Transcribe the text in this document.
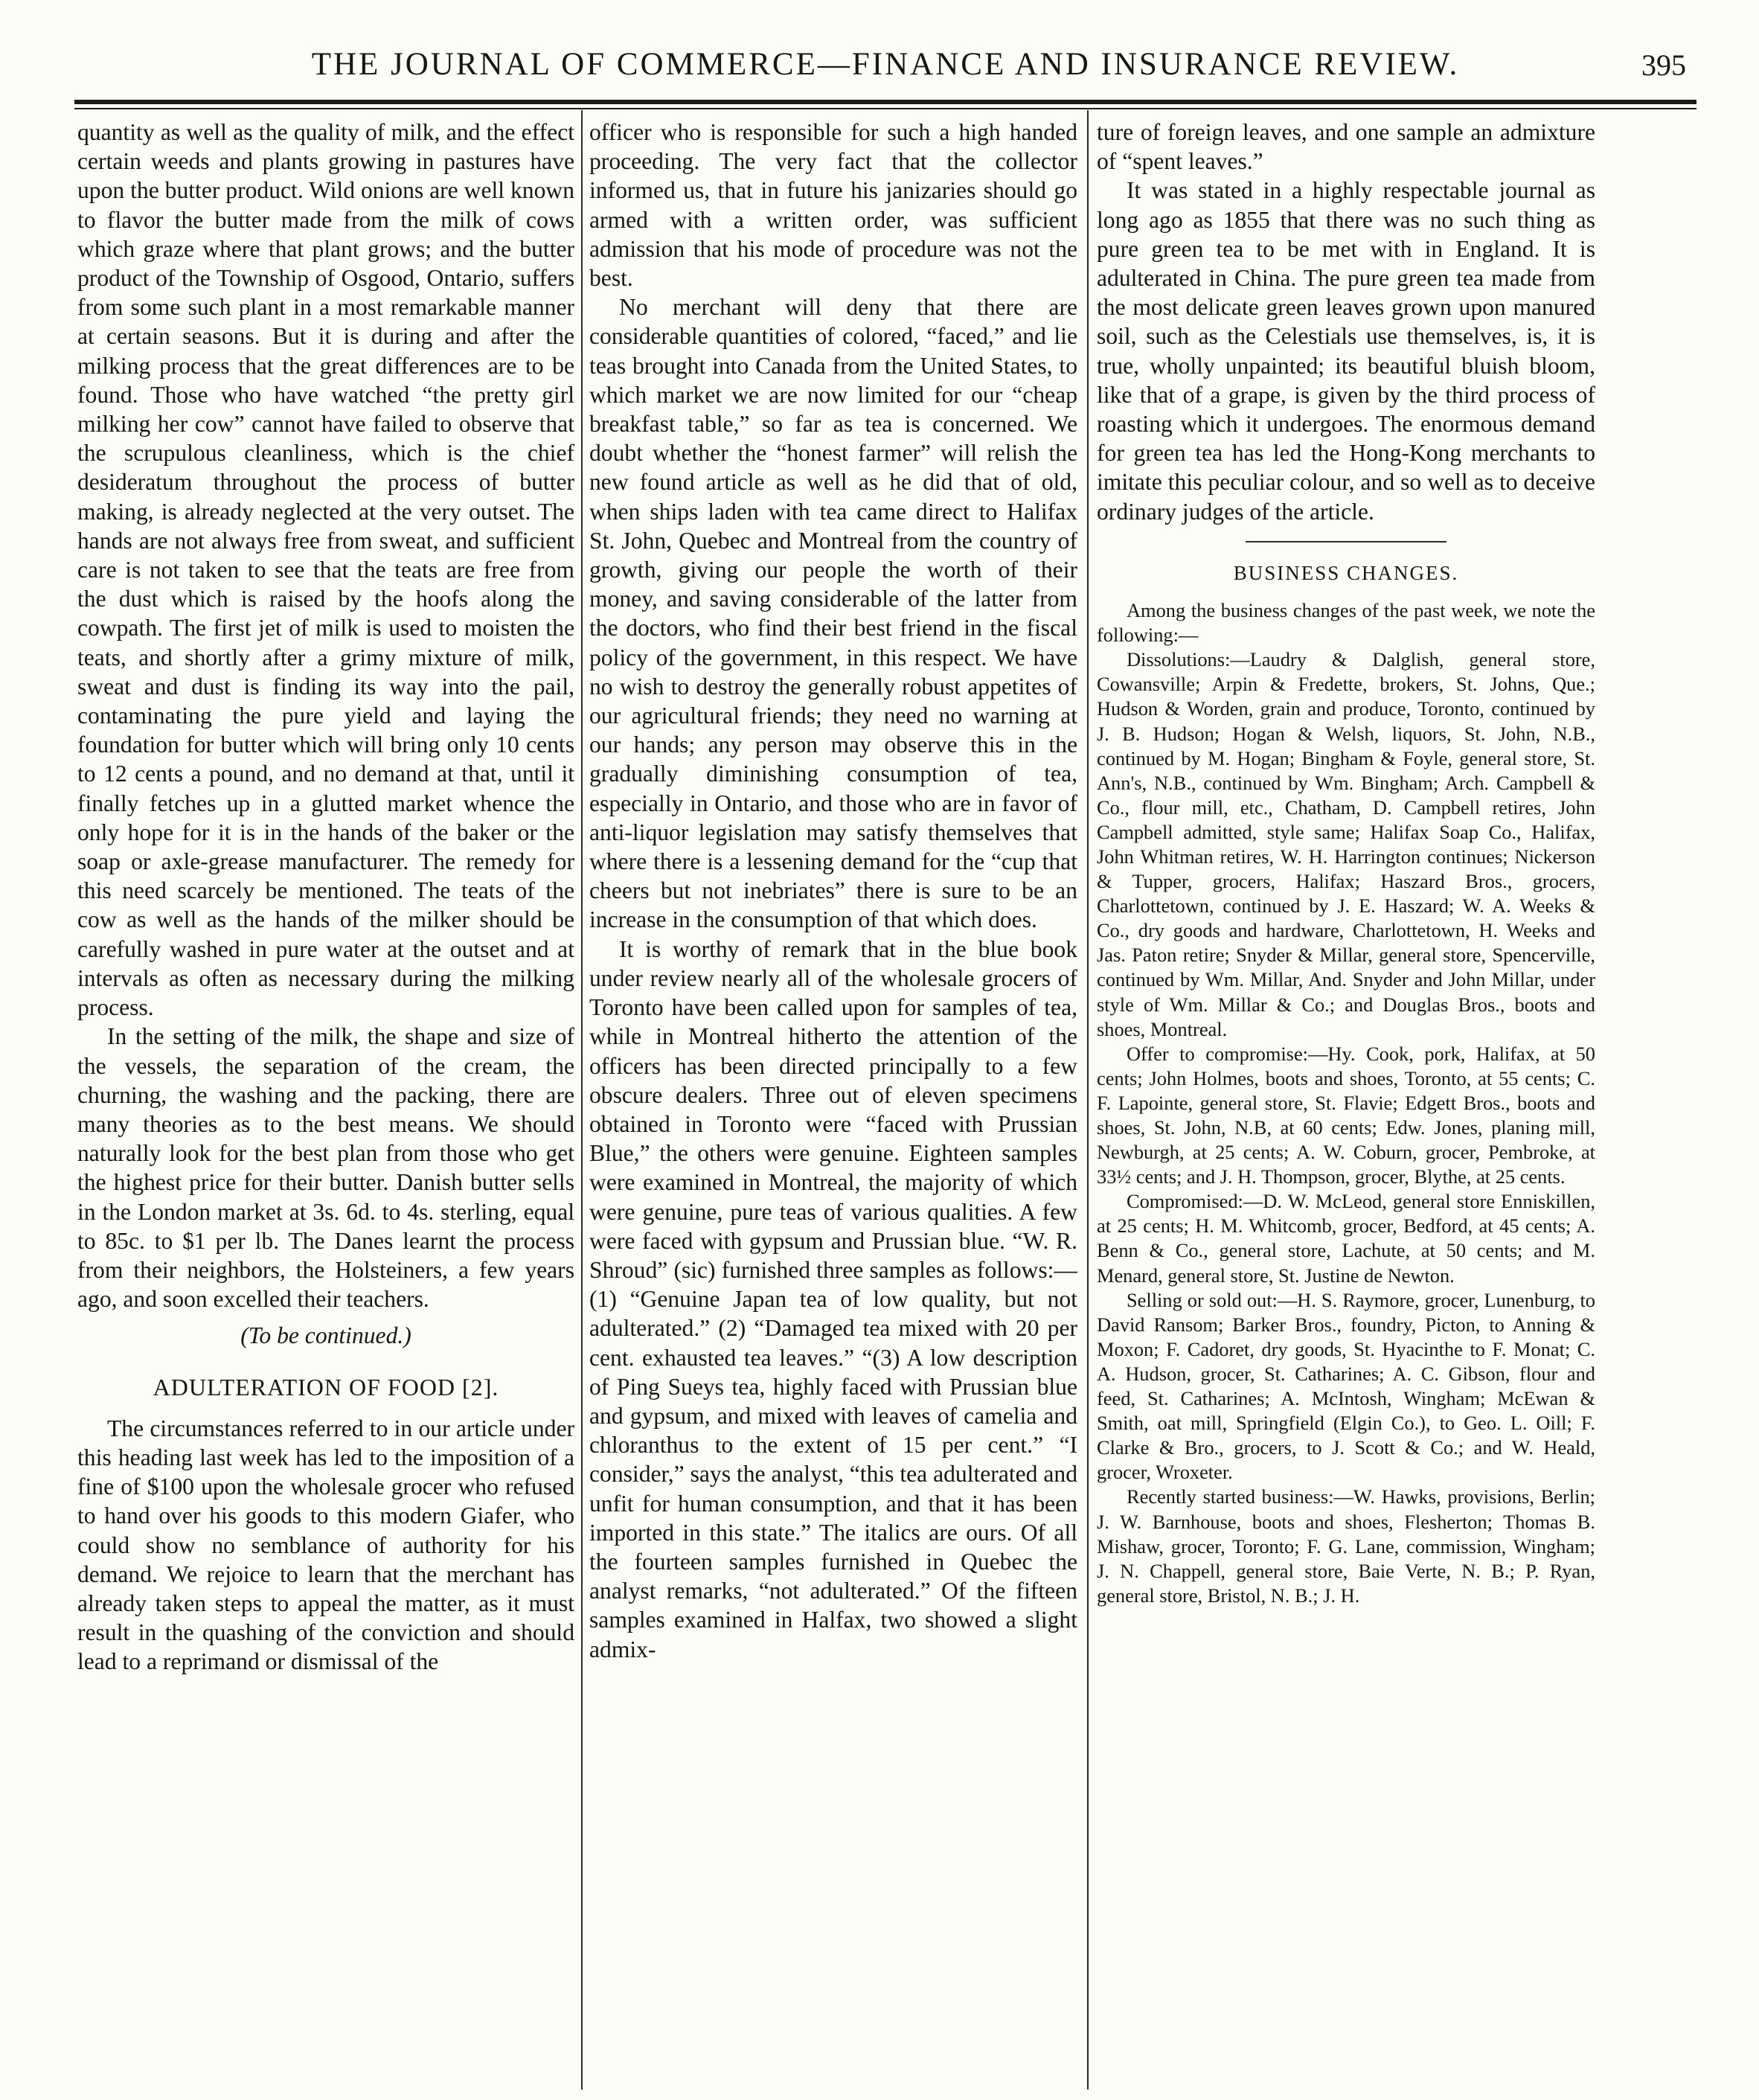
THE JOURNAL OF COMMERCE—FINANCE AND INSURANCE REVIEW.	395

quantity as well as the quality of milk, and the effect certain weeds and plants growing in pastures have upon the butter product. Wild onions are well known to flavor the butter made from the milk of cows which graze where that plant grows; and the butter product of the Township of Osgood, Ontario, suffers from some such plant in a most remarkable manner at certain seasons. But it is during and after the milking process that the great differences are to be found. Those who have watched “the pretty girl milking her cow” cannot have failed to observe that the scrupulous cleanliness, which is the chief desideratum throughout the process of butter making, is already neglected at the very outset. The hands are not always free from sweat, and sufficient care is not taken to see that the teats are free from the dust which is raised by the hoofs along the cowpath. The first jet of milk is used to moisten the teats, and shortly after a grimy mixture of milk, sweat and dust is finding its way into the pail, contaminating the pure yield and laying the foundation for butter which will bring only 10 cents to 12 cents a pound, and no demand at that, until it finally fetches up in a glutted market whence the only hope for it is in the hands of the baker or the soap or axle-grease manufacturer. The remedy for this need scarcely be mentioned. The teats of the cow as well as the hands of the milker should be carefully washed in pure water at the outset and at intervals as often as necessary during the milking process.

In the setting of the milk, the shape and size of the vessels, the separation of the cream, the churning, the washing and the packing, there are many theories as to the best means. We should naturally look for the best plan from those who get the highest price for their butter. Danish butter sells in the London market at 3s. 6d. to 4s. sterling, equal to 85c. to $1 per lb. The Danes learnt the process from their neighbors, the Holsteiners, a few years ago, and soon excelled their teachers.

(To be continued.)

ADULTERATION OF FOOD [2].

The circumstances referred to in our article under this heading last week has led to the imposition of a fine of $100 upon the wholesale grocer who refused to hand over his goods to this modern Giafer, who could show no semblance of authority for his demand. We rejoice to learn that the merchant has already taken steps to appeal the matter, as it must result in the quashing of the conviction and should lead to a reprimand or dismissal of the

officer who is responsible for such a high handed proceeding. The very fact that the collector informed us, that in future his janizaries should go armed with a written order, was sufficient admission that his mode of procedure was not the best.

No merchant will deny that there are considerable quantities of colored, “faced,” and lie teas brought into Canada from the United States, to which market we are now limited for our “cheap breakfast table,” so far as tea is concerned. We doubt whether the “honest farmer” will relish the new found article as well as he did that of old, when ships laden with tea came direct to Halifax St. John, Quebec and Montreal from the country of growth, giving our people the worth of their money, and saving considerable of the latter from the doctors, who find their best friend in the fiscal policy of the government, in this respect. We have no wish to destroy the generally robust appetites of our agricultural friends; they need no warning at our hands; any person may observe this in the gradually diminishing consumption of tea, especially in Ontario, and those who are in favor of anti-liquor legislation may satisfy themselves that where there is a lessening demand for the “cup that cheers but not inebriates” there is sure to be an increase in the consumption of that which does.

It is worthy of remark that in the blue book under review nearly all of the wholesale grocers of Toronto have been called upon for samples of tea, while in Montreal hitherto the attention of the officers has been directed principally to a few obscure dealers. Three out of eleven specimens obtained in Toronto were “faced with Prussian Blue,” the others were genuine. Eighteen samples were examined in Montreal, the majority of which were genuine, pure teas of various qualities. A few were faced with gypsum and Prussian blue. “W. R. Shroud” (sic) furnished three samples as follows:—(1) “Genuine Japan tea of low quality, but not adulterated.” (2) “Damaged tea mixed with 20 per cent. exhausted tea leaves.” “(3) A low description of Ping Sueys tea, highly faced with Prussian blue and gypsum, and mixed with leaves of camelia and chloranthus to the extent of 15 per cent.” “I consider,” says the analyst, “this tea adulterated and unfit for human consumption, and that it has been imported in this state.” The italics are ours. Of all the fourteen samples furnished in Quebec the analyst remarks, “not adulterated.” Of the fifteen samples examined in Halfax, two showed a slight admix-

ture of foreign leaves, and one sample an admixture of “spent leaves.”

It was stated in a highly respectable journal as long ago as 1855 that there was no such thing as pure green tea to be met with in England. It is adulterated in China. The pure green tea made from the most delicate green leaves grown upon manured soil, such as the Celestials use themselves, is, it is true, wholly unpainted; its beautiful bluish bloom, like that of a grape, is given by the third process of roasting which it undergoes. The enormous demand for green tea has led the Hong-Kong merchants to imitate this peculiar colour, and so well as to deceive ordinary judges of the article.

BUSINESS CHANGES.

Among the business changes of the past week, we note the following:—

Dissolutions:—Laudry & Dalglish, general store, Cowansville; Arpin & Fredette, brokers, St. Johns, Que.; Hudson & Worden, grain and produce, Toronto, continued by J. B. Hudson; Hogan & Welsh, liquors, St. John, N.B., continued by M. Hogan; Bingham & Foyle, general store, St. Ann's, N.B., continued by Wm. Bingham; Arch. Campbell & Co., flour mill, etc., Chatham, D. Campbell retires, John Campbell admitted, style same; Halifax Soap Co., Halifax, John Whitman retires, W. H. Harrington continues; Nickerson & Tupper, grocers, Halifax; Haszard Bros., grocers, Charlottetown, continued by J. E. Haszard; W. A. Weeks & Co., dry goods and hardware, Charlottetown, H. Weeks and Jas. Paton retire; Snyder & Millar, general store, Spencerville, continued by Wm. Millar, And. Snyder and John Millar, under style of Wm. Millar & Co.; and Douglas Bros., boots and shoes, Montreal.

Offer to compromise:—Hy. Cook, pork, Halifax, at 50 cents; John Holmes, boots and shoes, Toronto, at 55 cents; C. F. Lapointe, general store, St. Flavie; Edgett Bros., boots and shoes, St. John, N.B, at 60 cents; Edw. Jones, planing mill, Newburgh, at 25 cents; A. W. Coburn, grocer, Pembroke, at 33½ cents; and J. H. Thompson, grocer, Blythe, at 25 cents.

Compromised:—D. W. McLeod, general store Enniskillen, at 25 cents; H. M. Whitcomb, grocer, Bedford, at 45 cents; A. Benn & Co., general store, Lachute, at 50 cents; and M. Menard, general store, St. Justine de Newton.

Selling or sold out:—H. S. Raymore, grocer, Lunenburg, to David Ransom; Barker Bros., foundry, Picton, to Anning & Moxon; F. Cadoret, dry goods, St. Hyacinthe to F. Monat; C. A. Hudson, grocer, St. Catharines; A. C. Gibson, flour and feed, St. Catharines; A. McIntosh, Wingham; McEwan & Smith, oat mill, Springfield (Elgin Co.), to Geo. L. Oill; F. Clarke & Bro., grocers, to J. Scott & Co.; and W. Heald, grocer, Wroxeter.

Recently started business:—W. Hawks, provisions, Berlin; J. W. Barnhouse, boots and shoes, Flesherton; Thomas B. Mishaw, grocer, Toronto; F. G. Lane, commission, Wingham; J. N. Chappell, general store, Baie Verte, N. B.; P. Ryan, general store, Bristol, N. B.; J. H.
